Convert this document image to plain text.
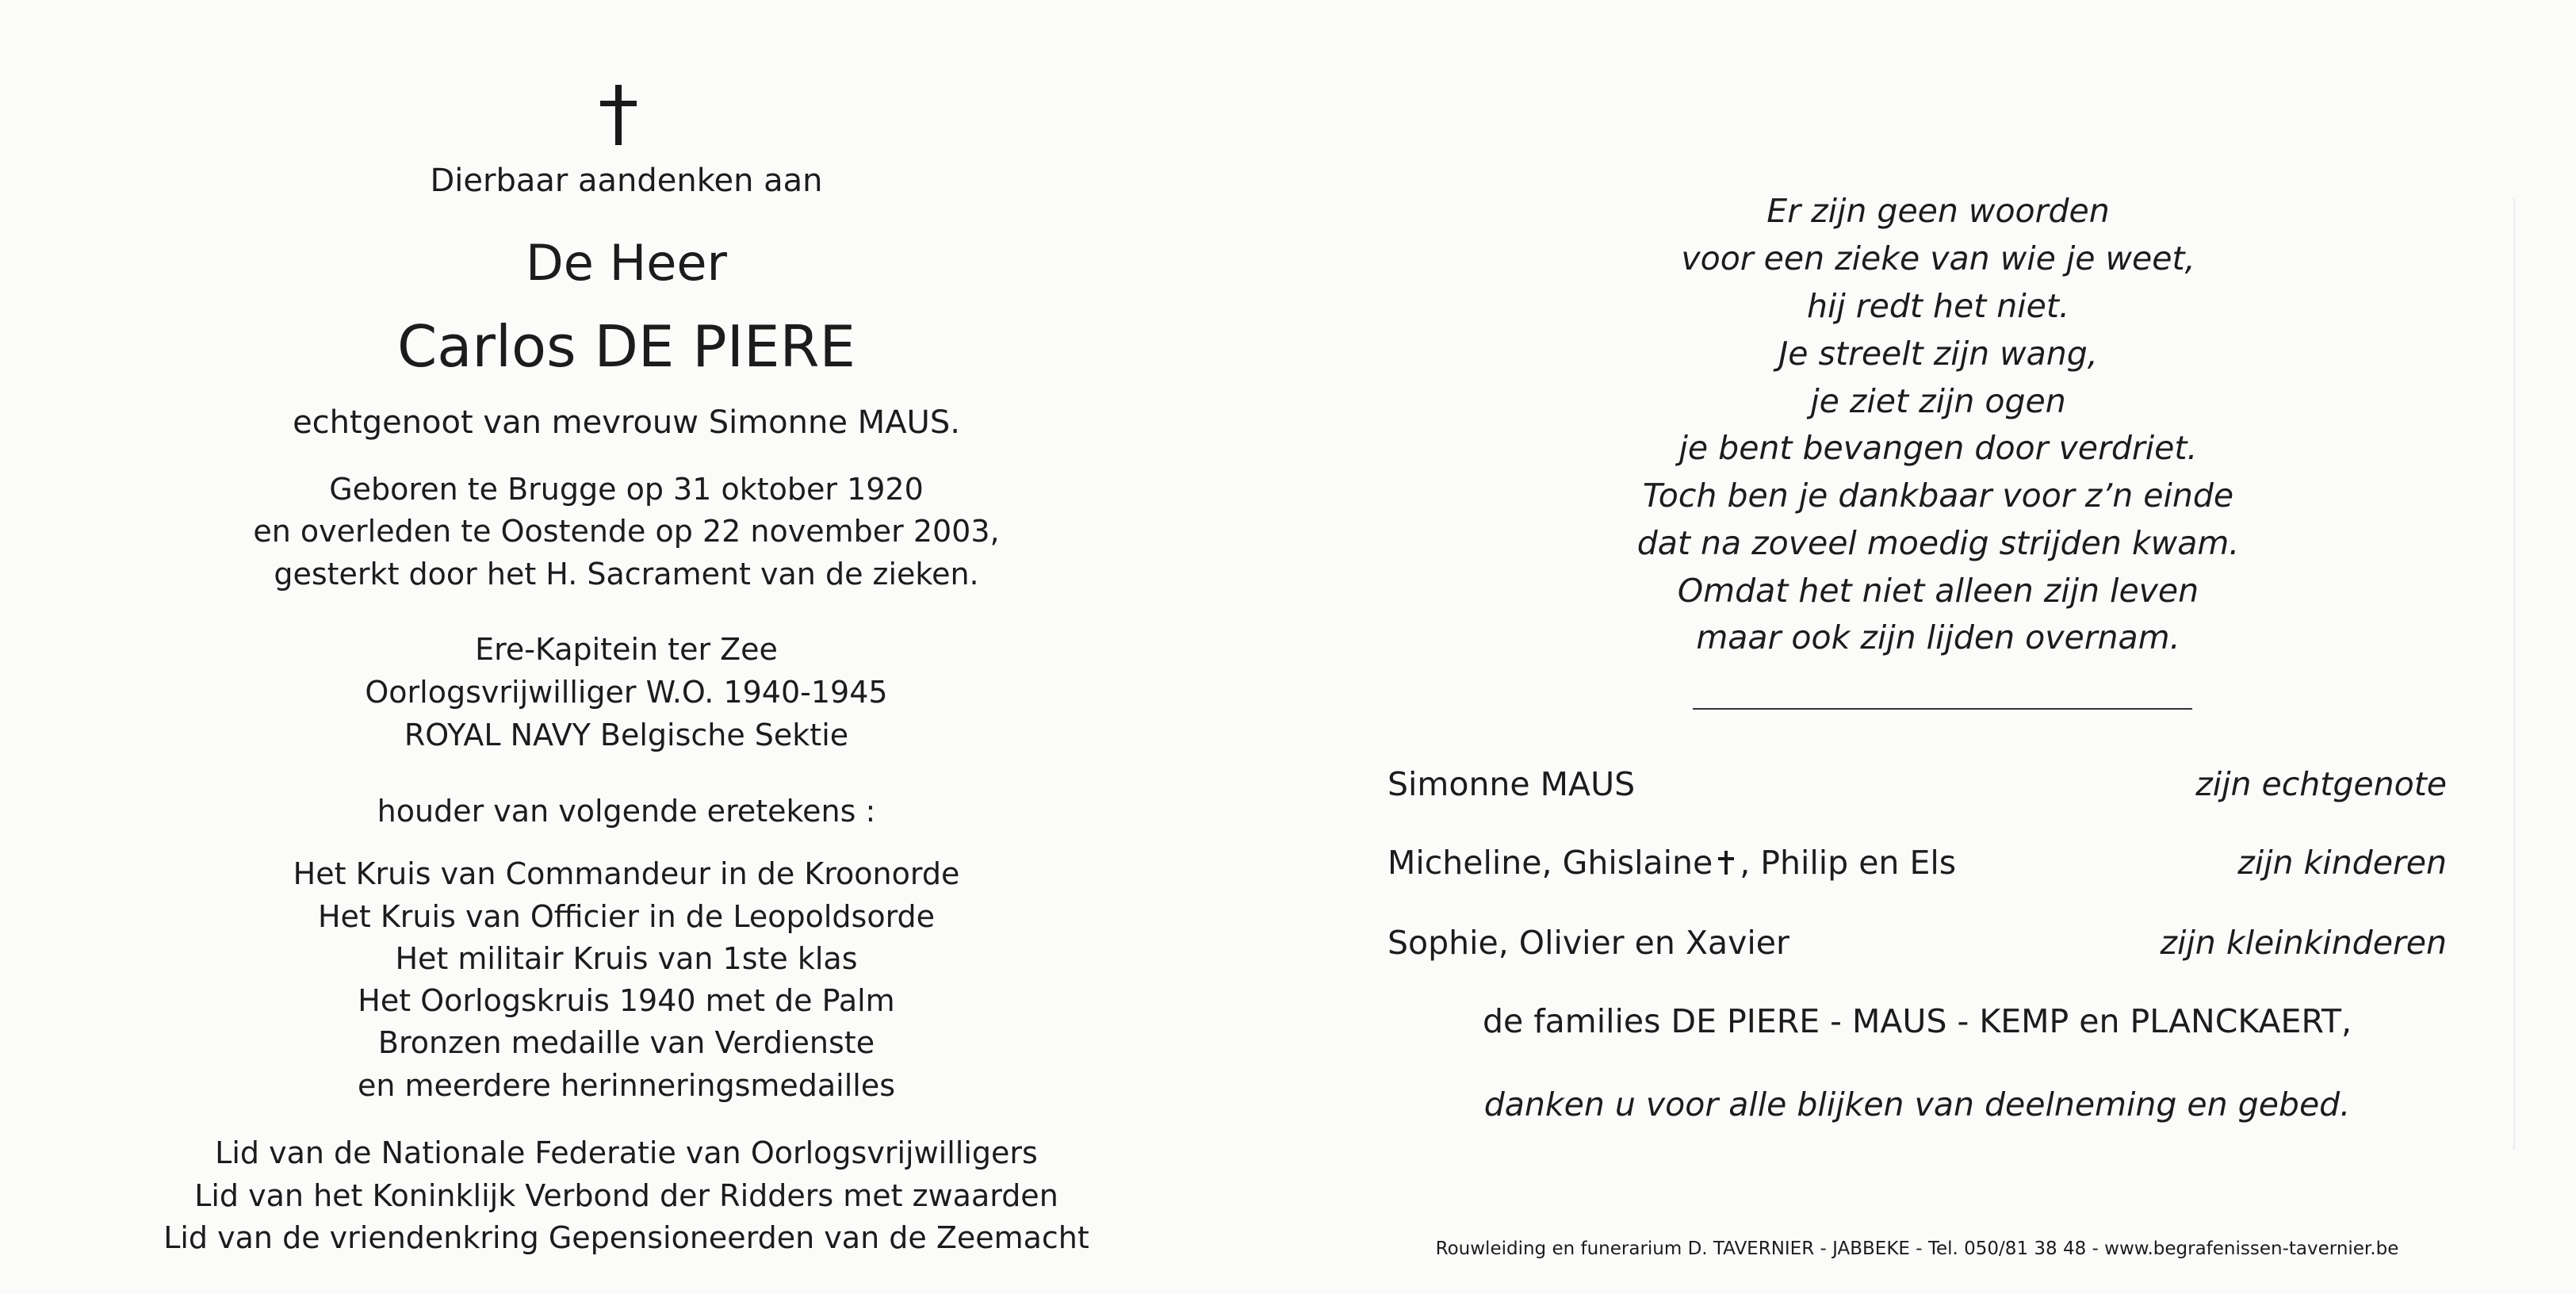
Dierbaar aandenken aan
De Heer
Carlos DE PIERE
echtgenoot van mevrouw Simonne MAUS.
Geboren te Brugge op 31 oktober 1920
en overleden te Oostende op 22 november 2003,
gesterkt door het H. Sacrament van de zieken.
Ere-Kapitein ter Zee
Oorlogsvrijwilliger W.O. 1940-1945
ROYAL NAVY Belgische Sektie
houder van volgende eretekens :
Het Kruis van Commandeur in de Kroonorde
Het Kruis van Officier in de Leopoldsorde
Het militair Kruis van 1ste klas
Het Oorlogskruis 1940 met de Palm
Bronzen medaille van Verdienste
en meerdere herinneringsmedailles
Lid van de Nationale Federatie van Oorlogsvrijwilligers
Lid van het Koninklijk Verbond der Ridders met zwaarden
Lid van de vriendenkring Gepensioneerden van de Zeemacht
Er zijn geen woorden
voor een zieke van wie je weet,
hij redt het niet.
Je streelt zijn wang,
je ziet zijn ogen
je bent bevangen door verdriet.
Toch ben je dankbaar voor z’n einde
dat na zoveel moedig strijden kwam.
Omdat het niet alleen zijn leven
maar ook zijn lijden overnam.
Simonne MAUS	zijn echtgenote
Micheline, Ghislaine , Philip en Els	zijn kinderen
Sophie, Olivier en Xavier	zijn kleinkinderen
de families DE PIERE - MAUS - KEMP en PLANCKAERT,
danken u voor alle blijken van deelneming en gebed.
Rouwleiding en funerarium D. TAVERNIER - JABBEKE - Tel. 050/81 38 48 - www.begrafenissen-tavernier.be
